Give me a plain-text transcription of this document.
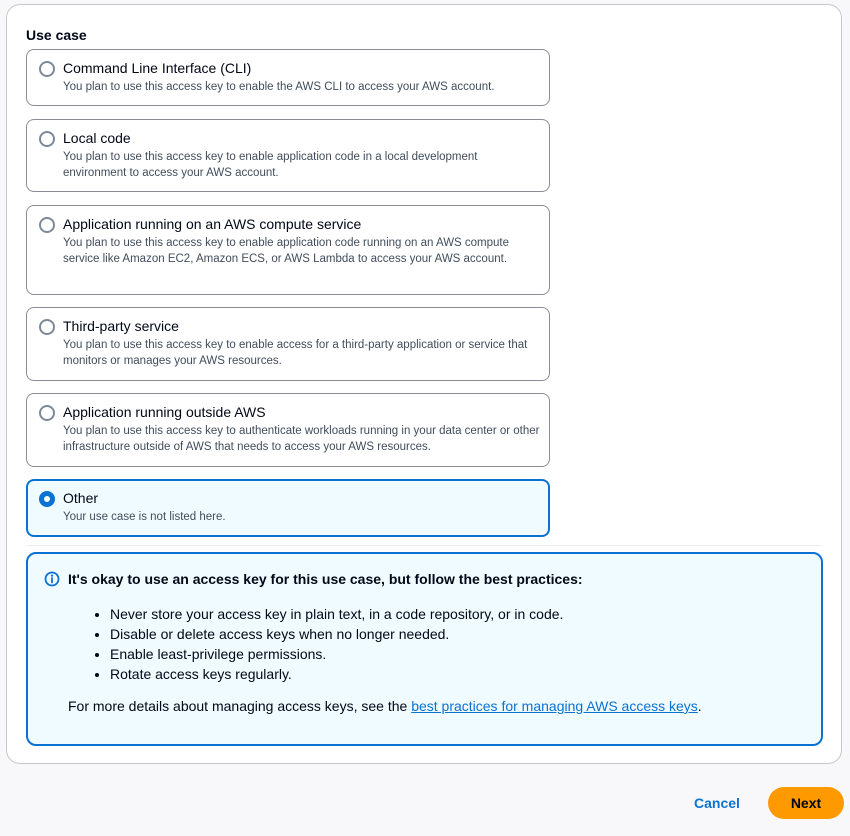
Use case
Command Line Interface (CLI)
You plan to use this access key to enable the AWS CLI to access your AWS account.
Local code
You plan to use this access key to enable application code in a local development environment to access your AWS account.
Application running on an AWS compute service
You plan to use this access key to enable application code running on an AWS compute service like Amazon EC2, Amazon ECS, or AWS Lambda to access your AWS account.
Third-party service
You plan to use this access key to enable access for a third-party application or service that monitors or manages your AWS resources.
Application running outside AWS
You plan to use this access key to authenticate workloads running in your data center or other infrastructure outside of AWS that needs to access your AWS resources.
Other
Your use case is not listed here.
It's okay to use an access key for this use case, but follow the best practices:
• Never store your access key in plain text, in a code repository, or in code.
• Disable or delete access keys when no longer needed.
• Enable least-privilege permissions.
• Rotate access keys regularly.
For more details about managing access keys, see the best practices for managing AWS access keys.
Cancel	Next
